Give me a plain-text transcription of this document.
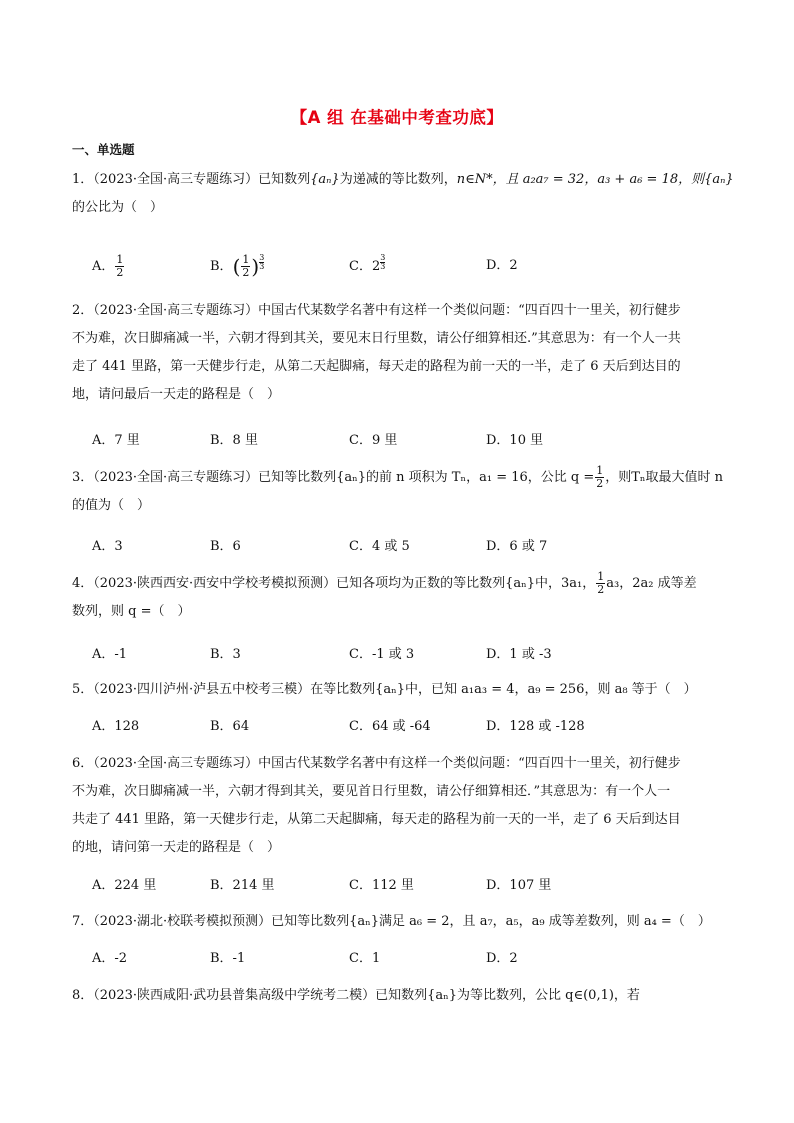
【A 组 在基础中考查功底】
一、单选题
1．（2023·全国·高三专题练习）已知数列{aₙ}为递减的等比数列，n∈N*，且 a₂a₇ = 32，a₃ + a₆ = 18，则{aₙ}
的公比为（　）
A． $\frac{1}{2}$	B．( $\frac{1}{2}$ ) $\frac{3}{3}$	C．$2 \frac{3}{3}$	D．2
2．（2023·全国·高三专题练习）中国古代某数学名著中有这样一个类似问题：“四百四十一里关，初行健步
不为难，次日脚痛减一半，六朝才得到其关，要见末日行里数，请公仔细算相还.”其意思为：有一个人一共
走了 441 里路，第一天健步行走，从第二天起脚痛，每天走的路程为前一天的一半，走了 6 天后到达目的
地，请问最后一天走的路程是（　）
A．7 里	B．8 里	C．9 里	D．10 里
3．（2023·全国·高三专题练习）已知等比数列{aₙ}的前 n 项积为 Tₙ，a₁ = 16，公比 $q = \frac{1}{2}$ ，则Tₙ取最大值时 n
的值为（　）
A．3	B．6	C．4 或 5	D．6 或 7
4．（2023·陕西西安·西安中学校考模拟预测）已知各项均为正数的等比数列{aₙ}中，3a₁， $\frac{1}{2} a_3$，2a₂ 成等差
数列，则 q =（　）
A．-1	B．3	C．-1 或 3	D．1 或 -3
5．（2023·四川泸州·泸县五中校考三模）在等比数列{aₙ}中，已知 a₁a₃ = 4，a₉ = 256，则 a₈ 等于（　）
A．128	B．64	C．64 或 -64	D．128 或 -128
6．（2023·全国·高三专题练习）中国古代某数学名著中有这样一个类似问题：“四百四十一里关，初行健步
不为难，次日脚痛减一半，六朝才得到其关，要见首日行里数，请公仔细算相还．”其意思为：有一个人一
共走了 441 里路，第一天健步行走，从第二天起脚痛，每天走的路程为前一天的一半，走了 6 天后到达目
的地，请问第一天走的路程是（　）
A．224 里	B．214 里	C．112 里	D．107 里
7．（2023·湖北·校联考模拟预测）已知等比数列{aₙ}满足 a₆ = 2，且 a₇，a₅，a₉ 成等差数列，则 a₄ =（　）
A．-2	B．-1	C．1	D．2
8．（2023·陕西咸阳·武功县普集高级中学统考二模）已知数列{aₙ}为等比数列，公比 q∈(0,1)，若
